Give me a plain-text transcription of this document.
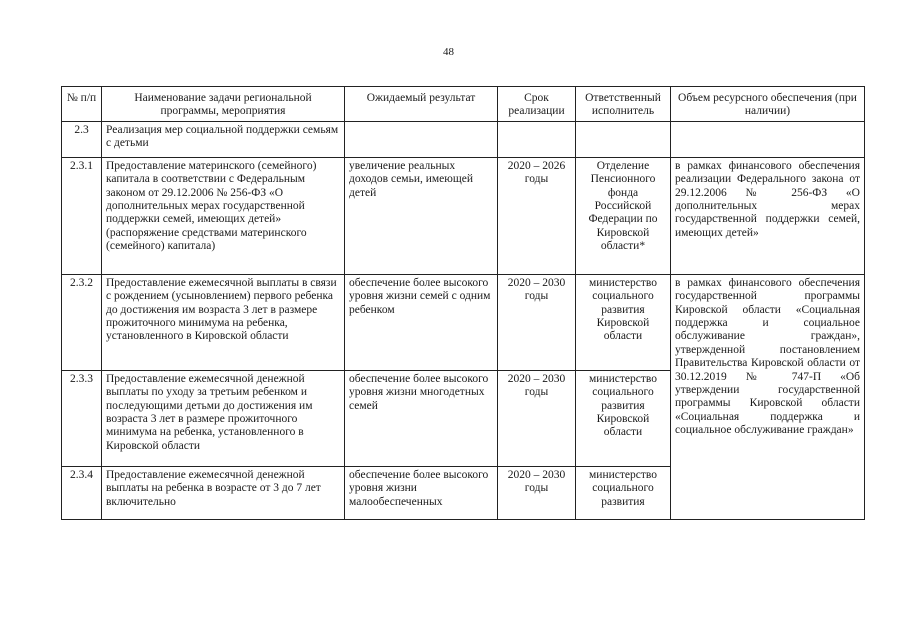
48
№ п/п	Наименование задачи региональной программы, мероприятия	Ожидаемый результат	Срок реализации	Ответственный исполнитель	Объем ресурсного обеспечения (при наличии)
2.3	Реализация мер социальной поддержки семьям с детьми				
2.3.1	Предоставление материнского (семейного) капитала в соответствии с Федеральным законом от 29.12.2006 № 256-ФЗ «О дополнительных мерах государственной поддержки семей, имеющих детей» (распоряжение средствами материнского (семейного) капитала)	увеличение реальных доходов семьи, имеющей детей	2020 – 2026 годы	Отделение Пенсионного фонда Российской Федерации по Кировской области*	в рамках финансового обеспечения реализации Федерального закона от 29.12.2006 № 256-ФЗ «О дополнительных мерах государственной поддержки семей, имеющих детей»
2.3.2	Предоставление ежемесячной выплаты в связи с рождением (усыновлением) первого ребенка до достижения им возраста 3 лет в размере прожиточного минимума на ребенка, установленного в Кировской области	обеспечение более высокого уровня жизни семей с одним ребенком	2020 – 2030 годы	министерство социального развития Кировской области	в рамках финансового обеспечения государственной программы Кировской области «Социальная поддержка и социальное обслуживание граждан», утвержденной постановлением Правительства Кировской области от 30.12.2019 № 747-П «Об утверждении государственной программы Кировской области «Социальная поддержка и социальное обслуживание граждан»
2.3.3	Предоставление ежемесячной денежной выплаты по уходу за третьим ребенком и последующими детьми до достижения им возраста 3 лет в размере прожиточного минимума на ребенка, установленного в Кировской области	обеспечение более высокого уровня жизни многодетных семей	2020 – 2030 годы	министерство социального развития Кировской области	
2.3.4	Предоставление ежемесячной денежной выплаты на ребенка в возрасте от 3 до 7 лет включительно	обеспечение более высокого уровня жизни малообеспеченных	2020 – 2030 годы	министерство социального развития	
